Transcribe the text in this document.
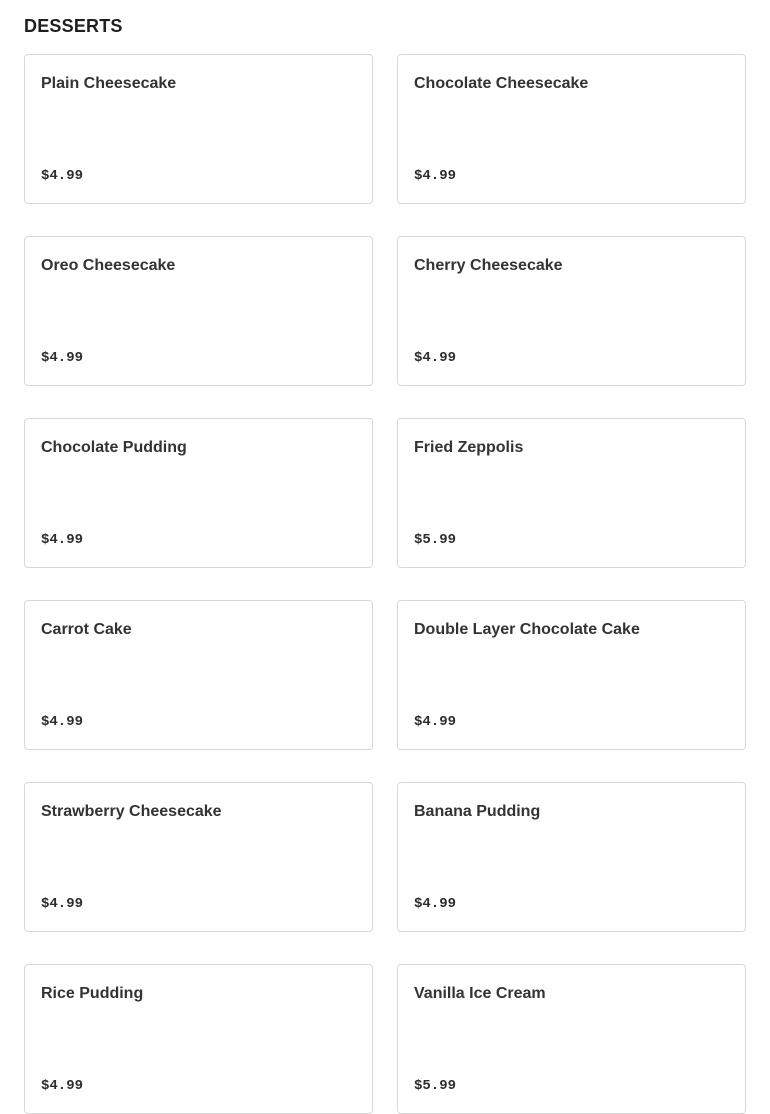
DESSERTS
Plain Cheesecake
$4.99
Chocolate Cheesecake
$4.99
Oreo Cheesecake
$4.99
Cherry Cheesecake
$4.99
Chocolate Pudding
$4.99
Fried Zeppolis
$5.99
Carrot Cake
$4.99
Double Layer Chocolate Cake
$4.99
Strawberry Cheesecake
$4.99
Banana Pudding
$4.99
Rice Pudding
$4.99
Vanilla Ice Cream
$5.99
